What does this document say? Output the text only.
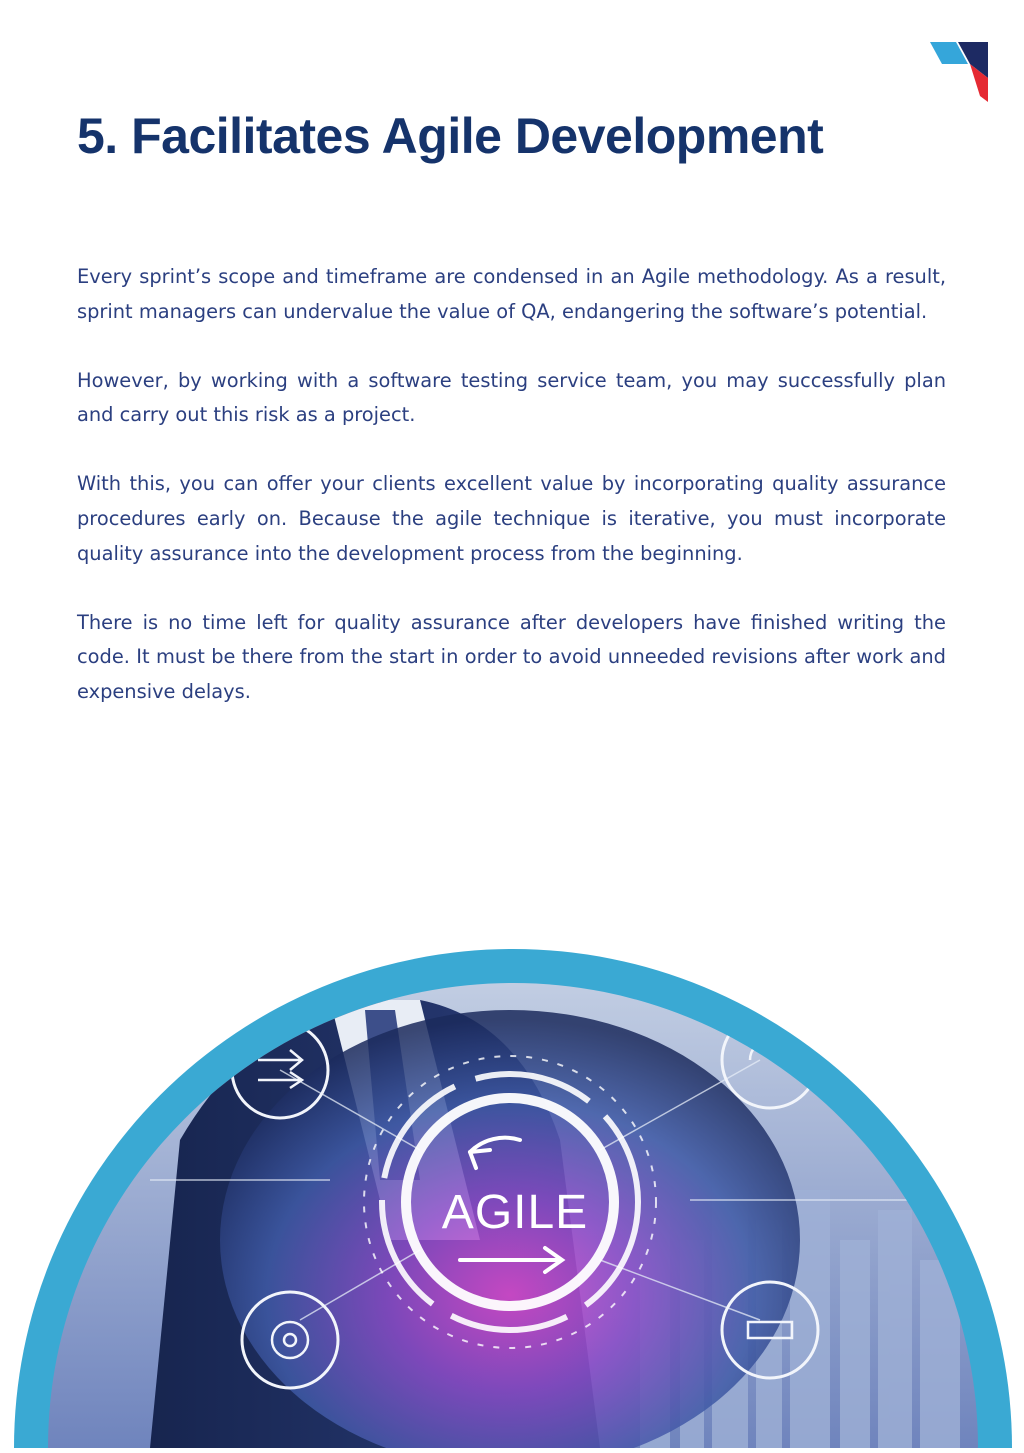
5. Facilitates Agile Development

Every sprint’s scope and timeframe are condensed in an Agile methodology. As a result, sprint managers can undervalue the value of QA, endangering the software’s potential.

However, by working with a software testing service team, you may successfully plan and carry out this risk as a project.

With this, you can offer your clients excellent value by incorporating quality assurance procedures early on. Because the agile technique is iterative, you must incorporate quality assurance into the development process from the beginning.

There is no time left for quality assurance after developers have finished writing the code. It must be there from the start in order to avoid unneeded revisions after work and expensive delays.

AGILE
